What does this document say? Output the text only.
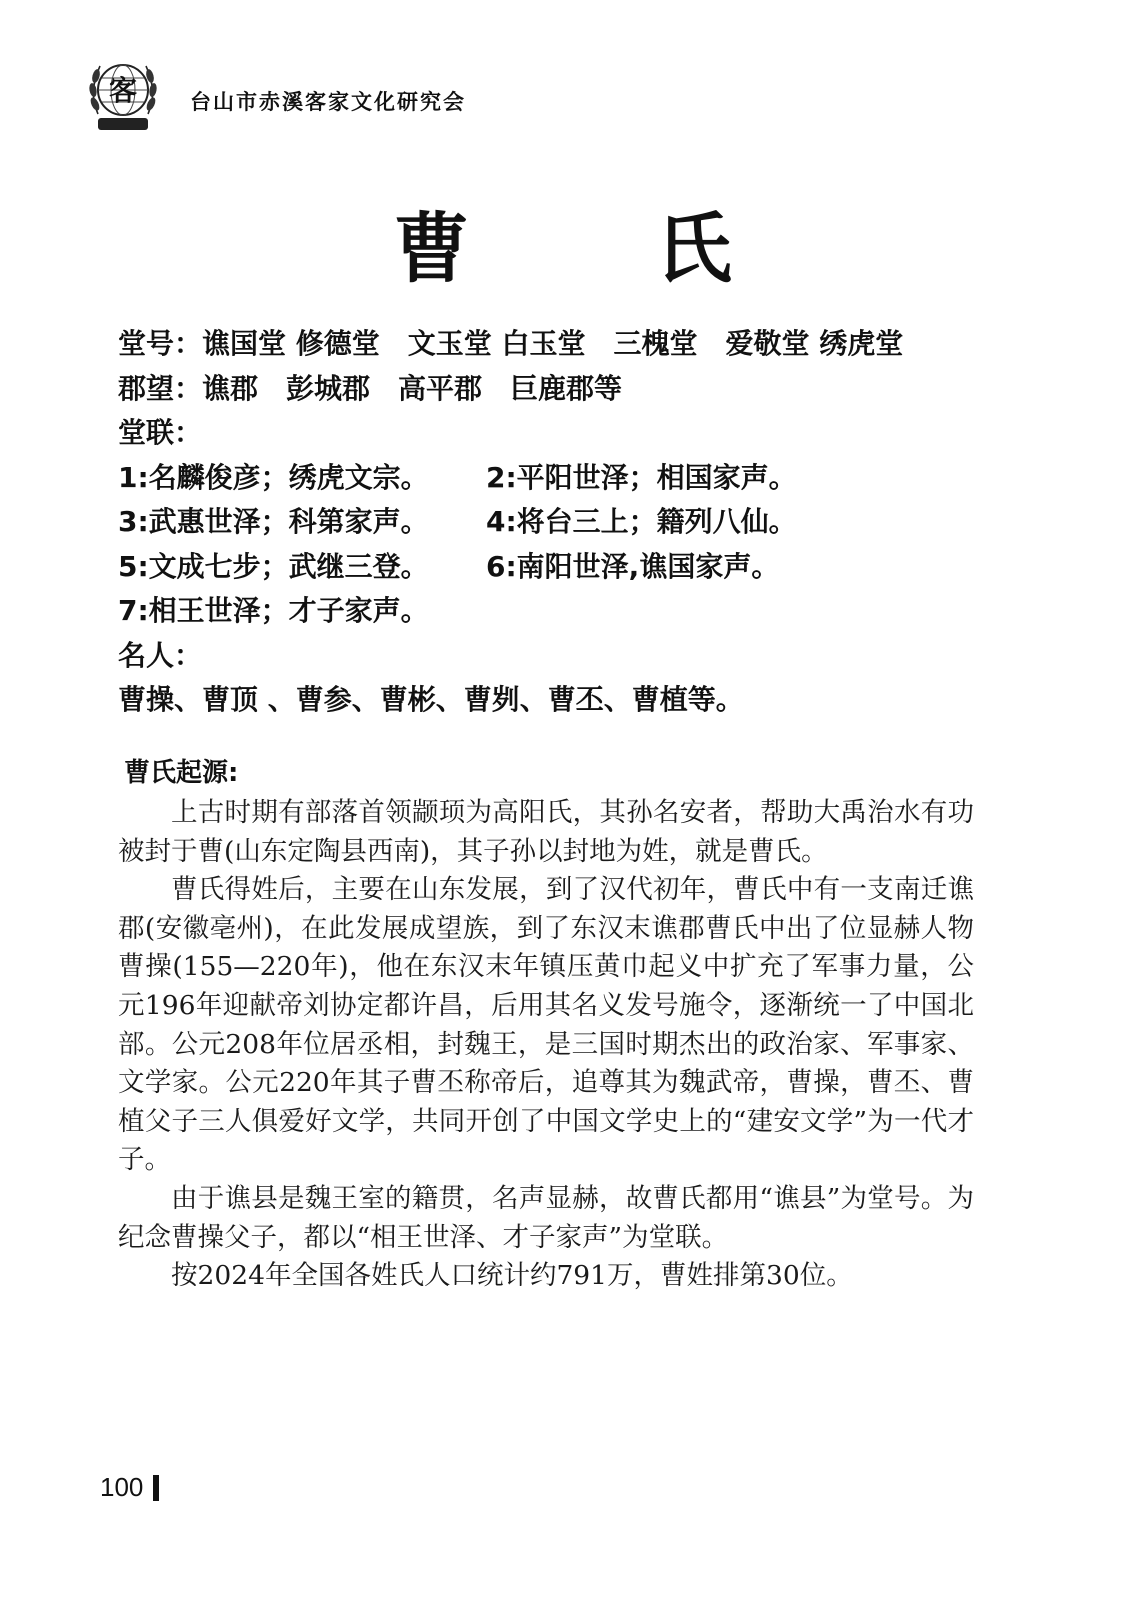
客	台山市赤溪客家文化研究会
曹 氏
堂号：谯国堂 修德堂　文玉堂 白玉堂　三槐堂　爱敬堂 绣虎堂
郡望：谯郡　彭城郡　高平郡　巨鹿郡等
堂联：
1:名麟俊彦；绣虎文宗。	2:平阳世泽；相国家声。
3:武惠世泽；科第家声。	4:将台三上；籍列八仙。
5:文成七步；武继三登。	6:南阳世泽,谯国家声。
7:相王世泽；才子家声。
名人：
曹操、曹顶 、曹参、曹彬、曹刿、曹丕、曹植等。
曹氏起源:

上古时期有部落首领颛顼为高阳氏，其孙名安者，帮助大禹治水有功被封于曹(山东定陶县西南)，其子孙以封地为姓，就是曹氏。

曹氏得姓后，主要在山东发展，到了汉代初年，曹氏中有一支南迁谯郡(安徽亳州)，在此发展成望族，到了东汉末谯郡曹氏中出了位显赫人物曹操(155—220年)，他在东汉末年镇压黄巾起义中扩充了军事力量，公元196年迎献帝刘协定都许昌，后用其名义发号施令，逐渐统一了中国北部。公元208年位居丞相，封魏王，是三国时期杰出的政治家、军事家、文学家。公元220年其子曹丕称帝后，追尊其为魏武帝，曹操，曹丕、曹植父子三人俱爱好文学，共同开创了中国文学史上的“建安文学”为一代才子。

由于谯县是魏王室的籍贯，名声显赫，故曹氏都用“谯县”为堂号。为纪念曹操父子，都以“相王世泽、才子家声”为堂联。

按2024年全国各姓氏人口统计约791万，曹姓排第30位。

100
